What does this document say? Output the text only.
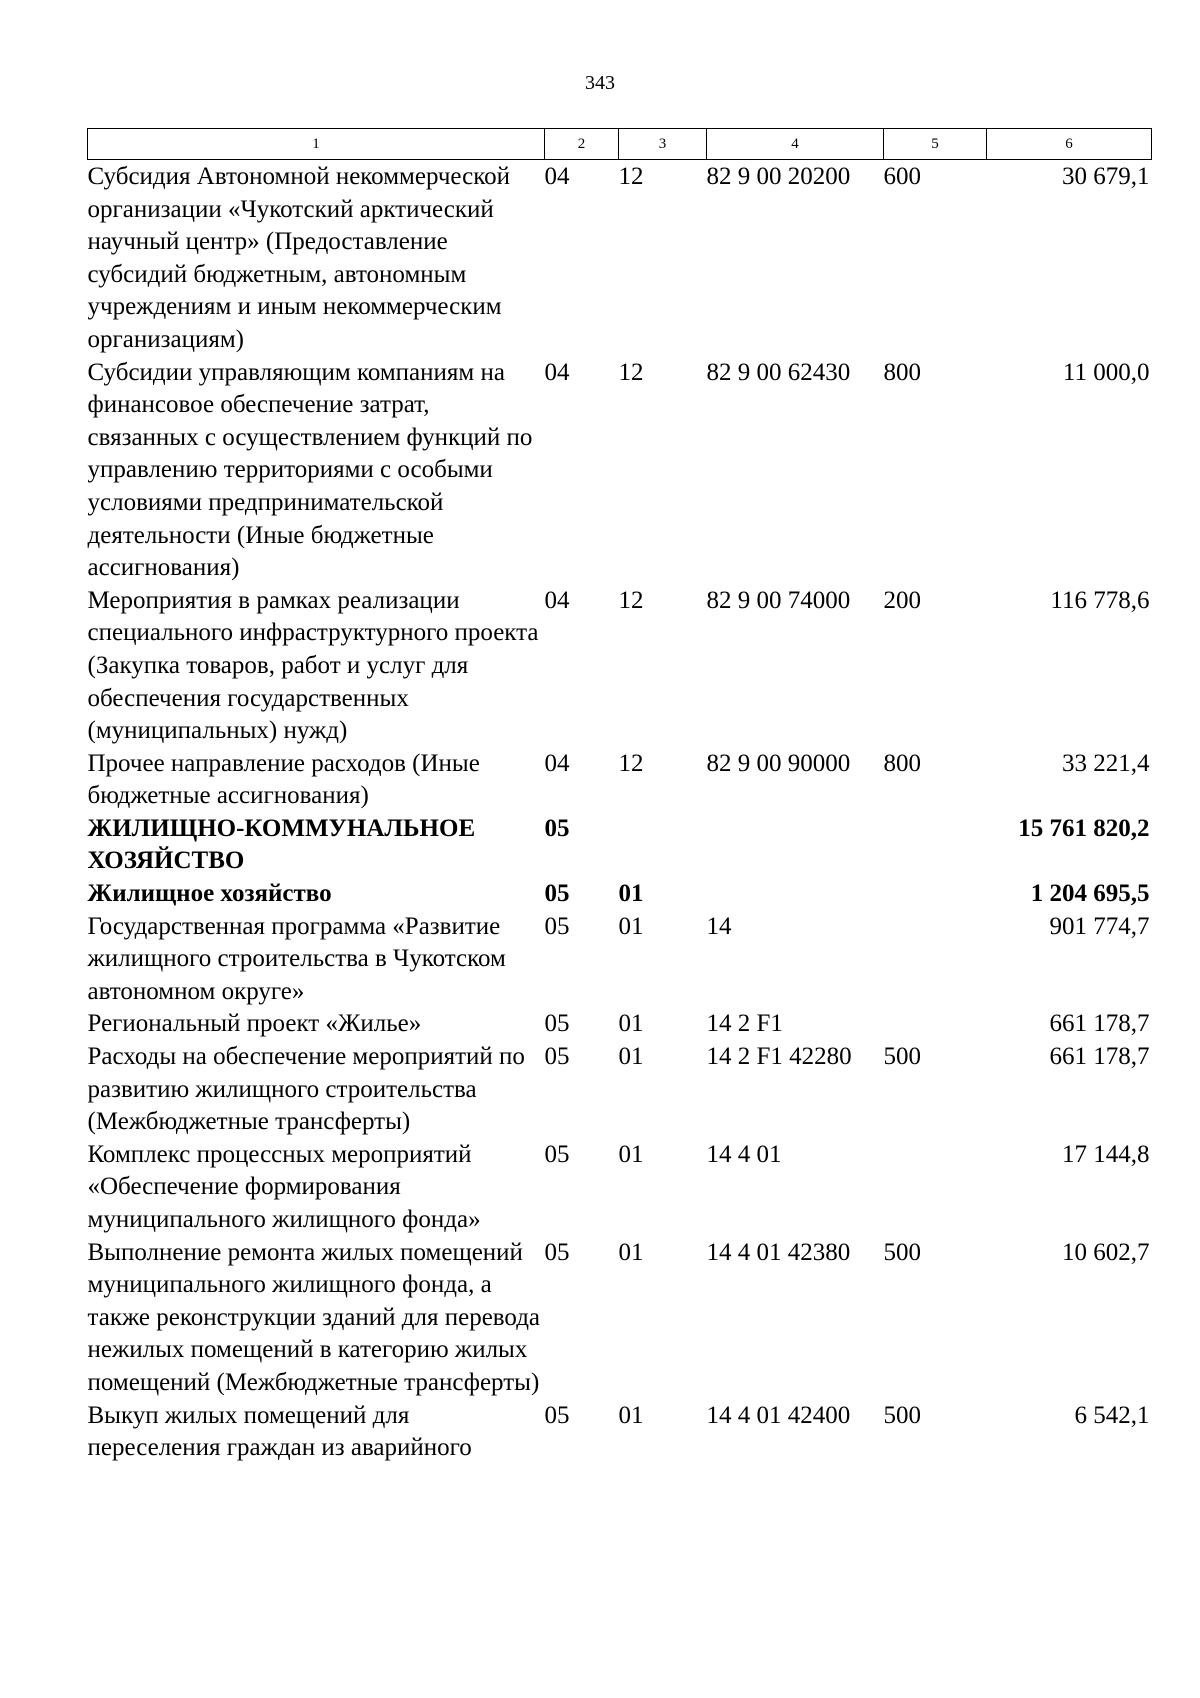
343
1	2	3	4	5	6
Субсидия Автономной некоммерческой организации «Чукотский арктический научный центр» (Предоставление субсидий бюджетным, автономным учреждениям и иным некоммерческим организациям)	04	12	82 9 00 20200	600	30 679,1
Субсидии управляющим компаниям на финансовое обеспечение затрат, связанных с осуществлением функций по управлению территориями с особыми условиями предпринимательской деятельности (Иные бюджетные ассигнования)	04	12	82 9 00 62430	800	11 000,0
Мероприятия в рамках реализации специального инфраструктурного проекта (Закупка товаров, работ и услуг для обеспечения государственных (муниципальных) нужд)	04	12	82 9 00 74000	200	116 778,6
Прочее направление расходов (Иные бюджетные ассигнования)	04	12	82 9 00 90000	800	33 221,4
ЖИЛИЩНО-КОММУНАЛЬНОЕ ХОЗЯЙСТВО	05				15 761 820,2
Жилищное хозяйство	05	01			1 204 695,5
Государственная программа «Развитие жилищного строительства в Чукотском автономном округе»	05	01	14		901 774,7
Региональный проект «Жилье»	05	01	14 2 F1		661 178,7
Расходы на обеспечение мероприятий по развитию жилищного строительства (Межбюджетные трансферты)	05	01	14 2 F1 42280	500	661 178,7
Комплекс процессных мероприятий «Обеспечение формирования муниципального жилищного фонда»	05	01	14 4 01		17 144,8
Выполнение ремонта жилых помещений муниципального жилищного фонда, а также реконструкции зданий для перевода нежилых помещений в категорию жилых помещений (Межбюджетные трансферты)	05	01	14 4 01 42380	500	10 602,7
Выкуп жилых помещений для переселения граждан из аварийного	05	01	14 4 01 42400	500	6 542,1
